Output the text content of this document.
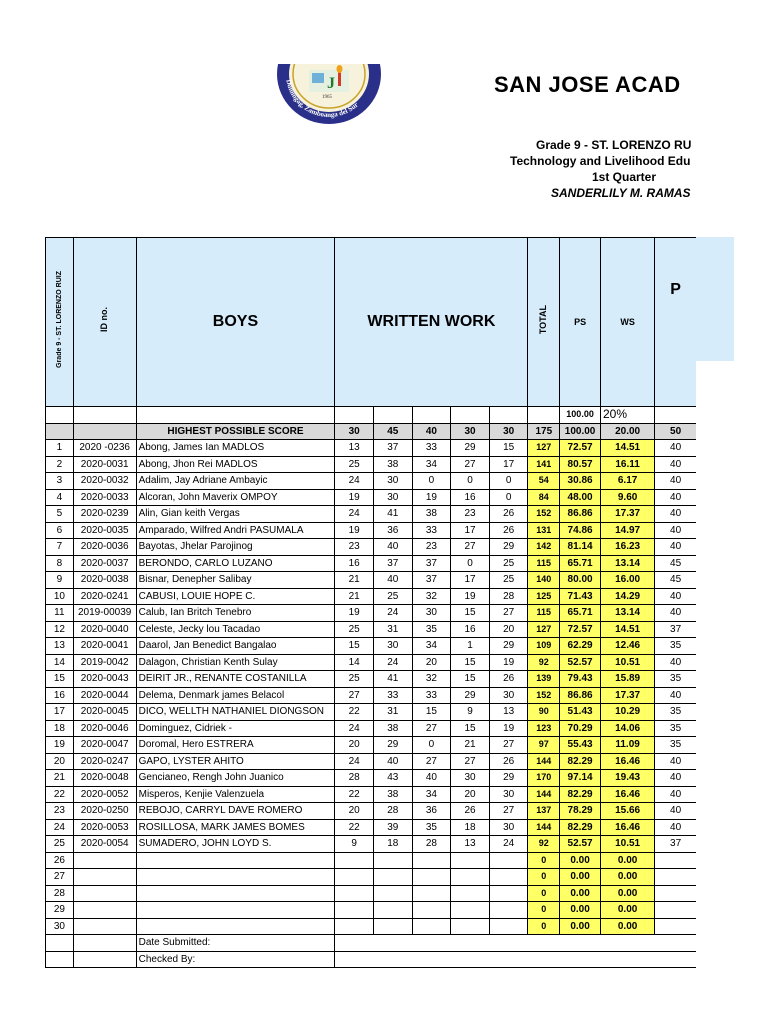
Dumingag, Zamboanga del Sur
J
1965
SAN JOSE ACAD
Grade 9 - ST. LORENZO RU
Technology and Livelihood Edu
1st Quarter
SANDERLILY M. RAMAS
Grade 9 - ST. LORENZO RUIZ	ID no.	BOYS	WRITTEN WORK					TOTAL	PS	WS	P
									100.00	20%	
		HIGHEST POSSIBLE SCORE	30	45	40	30	30	175	100.00	20.00	50
1	2020 -0236	Abong, James Ian MADLOS	13	37	33	29	15	127	72.57	14.51	40
2	2020-0031	Abong, Jhon Rei MADLOS	25	38	34	27	17	141	80.57	16.11	40
3	2020-0032	Adalim, Jay Adriane Ambayic	24	30	0	0	0	54	30.86	6.17	40
4	2020-0033	Alcoran, John Maverix OMPOY	19	30	19	16	0	84	48.00	9.60	40
5	2020-0239	Alin, Gian keith Vergas	24	41	38	23	26	152	86.86	17.37	40
6	2020-0035	Amparado, Wilfred Andri PASUMALA	19	36	33	17	26	131	74.86	14.97	40
7	2020-0036	Bayotas, Jhelar Parojinog	23	40	23	27	29	142	81.14	16.23	40
8	2020-0037	BERONDO, CARLO LUZANO	16	37	37	0	25	115	65.71	13.14	45
9	2020-0038	Bisnar, Denepher Salibay	21	40	37	17	25	140	80.00	16.00	45
10	2020-0241	CABUSI, LOUIE HOPE C.	21	25	32	19	28	125	71.43	14.29	40
11	2019-00039	Calub, Ian Britch Tenebro	19	24	30	15	27	115	65.71	13.14	40
12	2020-0040	Celeste, Jecky lou Tacadao	25	31	35	16	20	127	72.57	14.51	37
13	2020-0041	Daarol, Jan Benedict Bangalao	15	30	34	1	29	109	62.29	12.46	35
14	2019-0042	Dalagon, Christian Kenth Sulay	14	24	20	15	19	92	52.57	10.51	40
15	2020-0043	DEIRIT JR., RENANTE COSTANILLA	25	41	32	15	26	139	79.43	15.89	35
16	2020-0044	Delema, Denmark james Belacol	27	33	33	29	30	152	86.86	17.37	40
17	2020-0045	DICO, WELLTH NATHANIEL DIONGSON	22	31	15	9	13	90	51.43	10.29	35
18	2020-0046	Dominguez, Cidriek -	24	38	27	15	19	123	70.29	14.06	35
19	2020-0047	Doromal, Hero ESTRERA	20	29	0	21	27	97	55.43	11.09	35
20	2020-0247	GAPO, LYSTER AHITO	24	40	27	27	26	144	82.29	16.46	40
21	2020-0048	Gencianeo, Rengh John Juanico	28	43	40	30	29	170	97.14	19.43	40
22	2020-0052	Misperos, Kenjie Valenzuela	22	38	34	20	30	144	82.29	16.46	40
23	2020-0250	REBOJO, CARRYL DAVE ROMERO	20	28	36	26	27	137	78.29	15.66	40
24	2020-0053	ROSILLOSA, MARK JAMES BOMES	22	39	35	18	30	144	82.29	16.46	40
25	2020-0054	SUMADERO, JOHN LOYD S.	9	18	28	13	24	92	52.57	10.51	37
26								0	0.00	0.00	
27								0	0.00	0.00	
28								0	0.00	0.00	
29								0	0.00	0.00	
30								0	0.00	0.00	
		Date Submitted:									
		Checked By:									
